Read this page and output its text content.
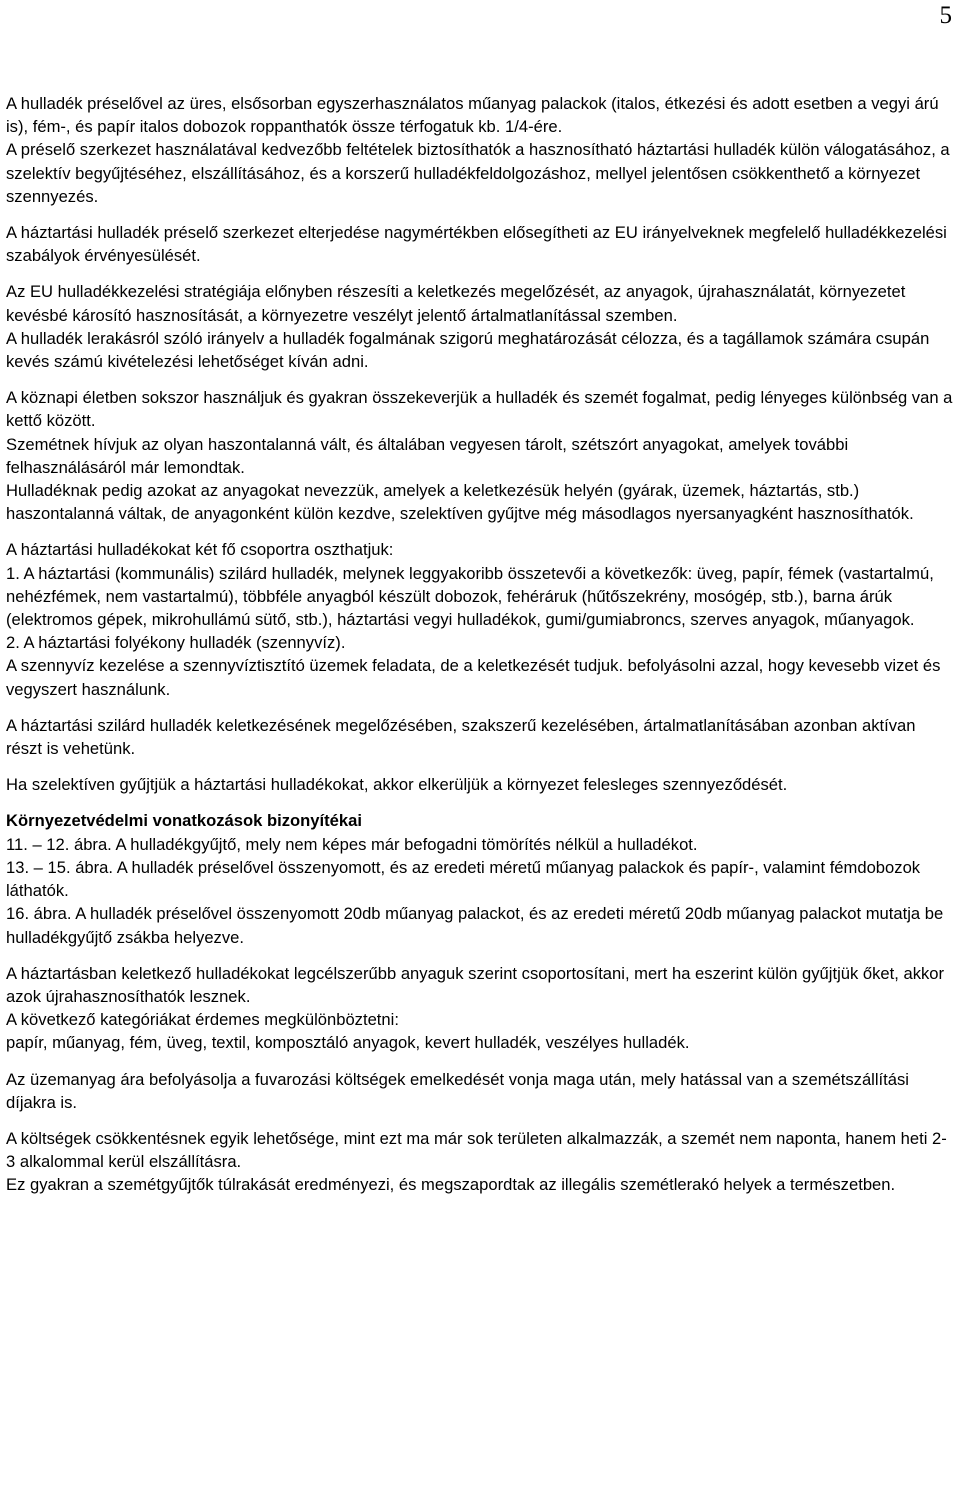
5

A hulladék préselővel az üres, elsősorban egyszerhasználatos műanyag palackok (italos, étkezési és adott esetben a vegyi árú is), fém-, és papír italos dobozok roppanthatók össze térfogatuk kb. 1/4-ére.

A préselő szerkezet használatával kedvezőbb feltételek biztosíthatók a hasznosítható háztartási hulladék külön válogatásához, a szelektív begyűjtéséhez, elszállításához, és a korszerű hulladékfeldolgozáshoz, mellyel jelentősen csökkenthető a környezet szennyezés.

A háztartási hulladék préselő szerkezet elterjedése nagymértékben elősegítheti az EU irányelveknek megfelelő hulladékkezelési szabályok érvényesülését.

Az EU hulladékkezelési stratégiája előnyben részesíti a keletkezés megelőzését, az anyagok, újrahasználatát, környezetet kevésbé károsító hasznosítását, a környezetre veszélyt jelentő ártalmatlanítással szemben.

A hulladék lerakásról szóló irányelv a hulladék fogalmának szigorú meghatározását célozza, és a tagállamok számára csupán kevés számú kivételezési lehetőséget kíván adni.

A köznapi életben sokszor használjuk és gyakran összekeverjük a hulladék és szemét fogalmat, pedig lényeges különbség van a kettő között.

Szemétnek hívjuk az olyan haszontalanná vált, és általában vegyesen tárolt, szétszórt anyagokat, amelyek további felhasználásáról már lemondtak.

Hulladéknak pedig azokat az anyagokat nevezzük, amelyek a keletkezésük helyén (gyárak, üzemek, háztartás, stb.) haszontalanná váltak, de anyagonként külön kezdve, szelektíven gyűjtve még másodlagos nyersanyagként hasznosíthatók.

A háztartási hulladékokat két fő csoportra oszthatjuk:

1. A háztartási (kommunális) szilárd hulladék, melynek leggyakoribb összetevői a következők: üveg, papír, fémek (vastartalmú, nehézfémek, nem vastartalmú), többféle anyagból készült dobozok, fehéráruk (hűtőszekrény, mosógép, stb.), barna árúk (elektromos gépek, mikrohullámú sütő, stb.), háztartási vegyi hulladékok, gumi/gumiabroncs, szerves anyagok, műanyagok.

2. A háztartási folyékony hulladék (szennyvíz).

A szennyvíz kezelése a szennyvíztisztító üzemek feladata, de a keletkezését tudjuk. befolyásolni azzal, hogy kevesebb vizet és vegyszert használunk.

A háztartási szilárd hulladék keletkezésének megelőzésében, szakszerű kezelésében, ártalmatlanításában azonban aktívan részt is vehetünk.

Ha szelektíven gyűjtjük a háztartási hulladékokat, akkor elkerüljük a környezet felesleges szennyeződését.

Környezetvédelmi vonatkozások bizonyítékai

11. – 12. ábra. A hulladékgyűjtő, mely nem képes már befogadni tömörítés nélkül a hulladékot.

13. – 15. ábra. A hulladék préselővel összenyomott, és az eredeti méretű műanyag palackok és papír-, valamint fémdobozok láthatók.

16. ábra. A hulladék préselővel összenyomott 20db műanyag palackot, és az eredeti méretű 20db műanyag palackot mutatja be hulladékgyűjtő zsákba helyezve.

A háztartásban keletkező hulladékokat legcélszerűbb anyaguk szerint csoportosítani, mert ha eszerint külön gyűjtjük őket, akkor azok újrahasznosíthatók lesznek.

A következő kategóriákat érdemes megkülönböztetni:

papír, műanyag, fém, üveg, textil, komposztáló anyagok, kevert hulladék, veszélyes hulladék.

Az üzemanyag ára befolyásolja a fuvarozási költségek emelkedését vonja maga után, mely hatással van a szemétszállítási díjakra is.

A költségek csökkentésnek egyik lehetősége, mint ezt ma már sok területen alkalmazzák, a szemét nem naponta, hanem heti 2-3 alkalommal kerül elszállításra.

Ez gyakran a szemétgyűjtők túlrakását eredményezi, és megszapordtak az illegális szemétlerakó helyek a természetben.
